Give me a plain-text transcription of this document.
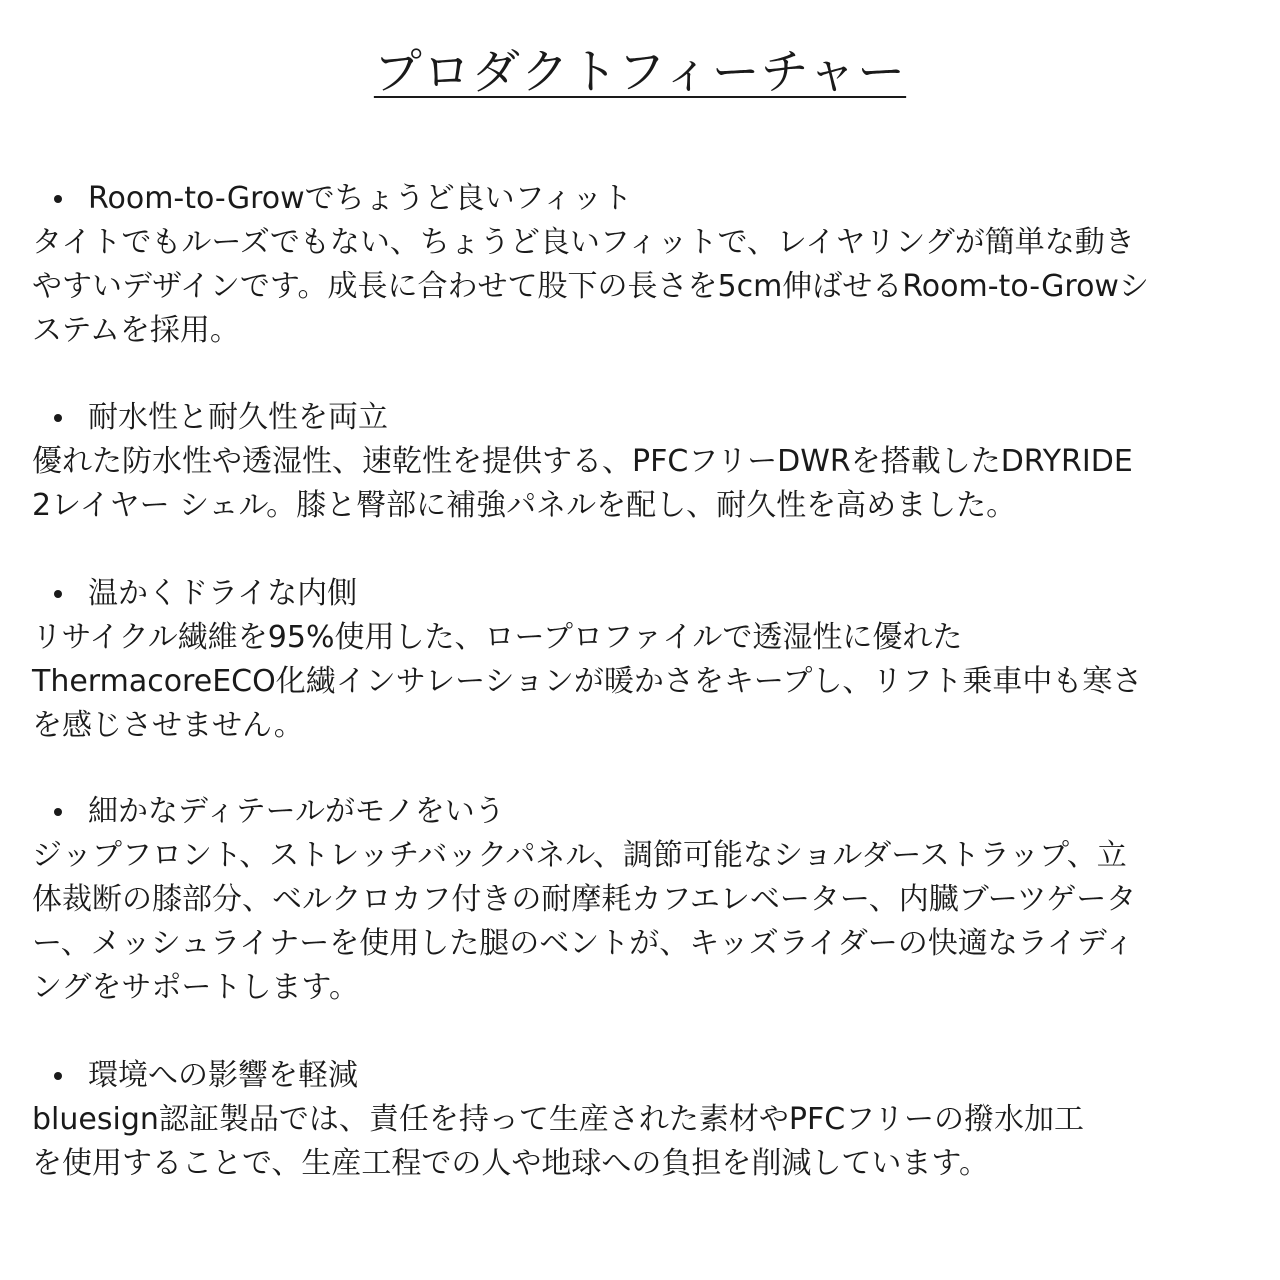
プロダクトフィーチャー
Room-to-Growでちょうど良いフィット
タイトでもルーズでもない、ちょうど良いフィットで、レイヤリングが簡単な動き
やすいデザインです。成長に合わせて股下の長さを5cm伸ばせるRoom-to-Growシ
ステムを採用。
耐水性と耐久性を両立
優れた防水性や透湿性、速乾性を提供する、PFCフリーDWRを搭載したDRYRIDE
2レイヤー シェル。膝と臀部に補強パネルを配し、耐久性を高めました。
温かくドライな内側
リサイクル繊維を95%使用した、ロープロファイルで透湿性に優れた
ThermacoreECO化繊インサレーションが暖かさをキープし、リフト乗車中も寒さ
を感じさせません。
細かなディテールがモノをいう
ジップフロント、ストレッチバックパネル、調節可能なショルダーストラップ、立
体裁断の膝部分、ベルクロカフ付きの耐摩耗カフエレベーター、内臓ブーツゲータ
ー、メッシュライナーを使用した腿のベントが、キッズライダーの快適なライディ
ングをサポートします。
環境への影響を軽減
bluesign認証製品では、責任を持って生産された素材やPFCフリーの撥水加工
を使用することで、生産工程での人や地球への負担を削減しています。
